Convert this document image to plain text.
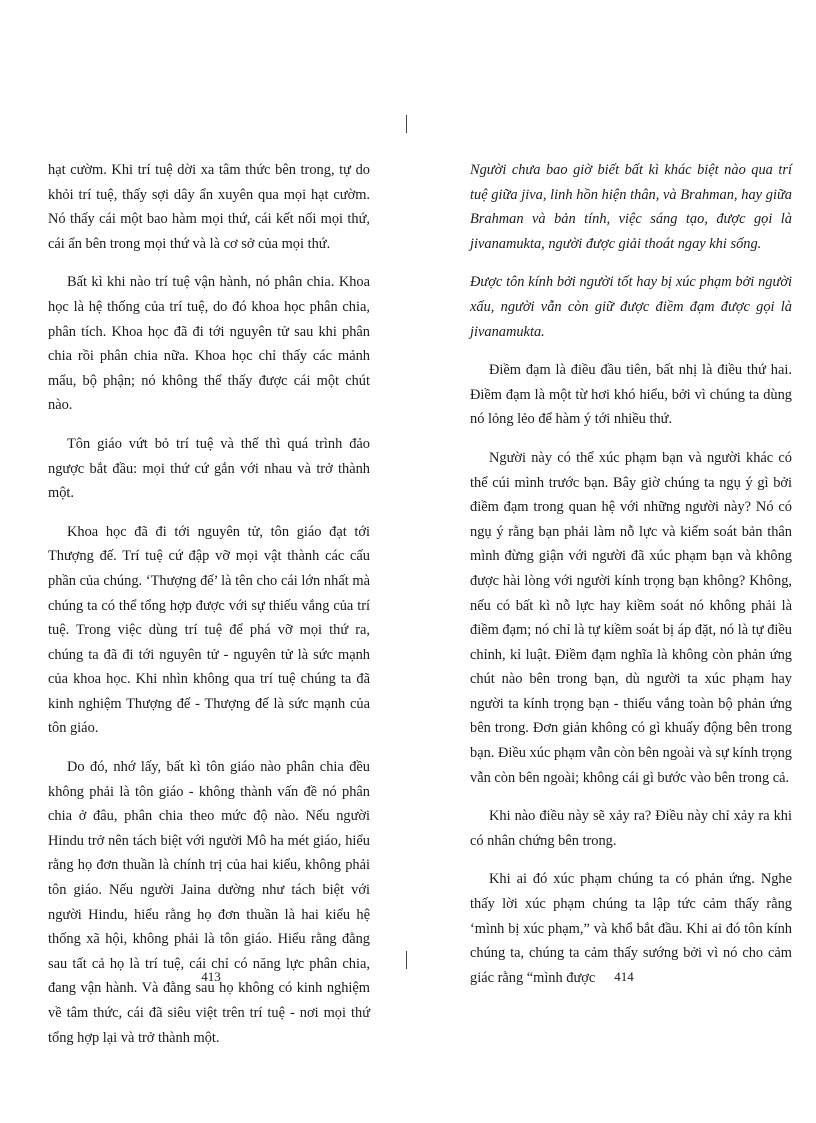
hạt cườm. Khi trí tuệ dời xa tâm thức bên trong, tự do khỏi trí tuệ, thấy sợi dây ẩn xuyên qua mọi hạt cườm. Nó thấy cái một bao hàm mọi thứ, cái kết nối mọi thứ, cái ẩn bên trong mọi thứ và là cơ sở của mọi thứ.

Bất kì khi nào trí tuệ vận hành, nó phân chia. Khoa học là hệ thống của trí tuệ, do đó khoa học phân chia, phân tích. Khoa học đã đi tới nguyên tử sau khi phân chia rồi phân chia nữa. Khoa học chỉ thấy các mảnh mẩu, bộ phận; nó không thể thấy được cái một chút nào.

Tôn giáo vứt bỏ trí tuệ và thế thì quá trình đảo ngược bắt đầu: mọi thứ cứ gắn với nhau và trở thành một.

Khoa học đã đi tới nguyên tử, tôn giáo đạt tới Thượng đế. Trí tuệ cứ đập vỡ mọi vật thành các cấu phần của chúng. ‘Thượng đế’ là tên cho cái lớn nhất mà chúng ta có thể tổng hợp được với sự thiếu vắng của trí tuệ. Trong việc dùng trí tuệ để phá vỡ mọi thứ ra, chúng ta đã đi tới nguyên tử - nguyên tử là sức mạnh của khoa học. Khi nhìn không qua trí tuệ chúng ta đã kinh nghiệm Thượng đế - Thượng đế là sức mạnh của tôn giáo.

Do đó, nhớ lấy, bất kì tôn giáo nào phân chia đều không phải là tôn giáo - không thành vấn đề nó phân chia ở đâu, phân chia theo mức độ nào. Nếu người Hindu trở nên tách biệt với người Mô ha mét giáo, hiểu rằng họ đơn thuần là chính trị của hai kiểu, không phải tôn giáo. Nếu người Jaina dường như tách biệt với người Hindu, hiểu rằng họ đơn thuần là hai kiểu hệ thống xã hội, không phải là tôn giáo. Hiểu rằng đằng sau tất cả họ là trí tuệ, cái chỉ có năng lực phân chia, đang vận hành. Và đằng sau họ không có kinh nghiệm về tâm thức, cái đã siêu việt trên trí tuệ - nơi mọi thứ tổng hợp lại và trở thành một.

Người chưa bao giờ biết bất kì khác biệt nào qua trí tuệ giữa jiva, linh hồn hiện thân, và Brahman, hay giữa Brahman và bản tính, việc sáng tạo, được gọi là jivanamukta, người được giải thoát ngay khi sống.

Được tôn kính bởi người tốt hay bị xúc phạm bởi người xấu, người vẫn còn giữ được điềm đạm được gọi là jivanamukta.

Điềm đạm là điều đầu tiên, bất nhị là điều thứ hai. Điềm đạm là một từ hơi khó hiểu, bởi vì chúng ta dùng nó lỏng lẻo để hàm ý tới nhiều thứ.

Người này có thể xúc phạm bạn và người khác có thể cúi mình trước bạn. Bây giờ chúng ta ngụ ý gì bởi điềm đạm trong quan hệ với những người này? Nó có ngụ ý rằng bạn phải làm nỗ lực và kiểm soát bản thân mình đừng giận với người đã xúc phạm bạn và không được hài lòng với người kính trọng bạn không? Không, nếu có bất kì nỗ lực hay kiềm soát nó không phải là điềm đạm; nó chỉ là tự kiềm soát bị áp đặt, nó là tự điều chỉnh, kỉ luật. Điềm đạm nghĩa là không còn phản ứng chút nào bên trong bạn, dù người ta xúc phạm hay người ta kính trọng bạn - thiếu vắng toàn bộ phản ứng bên trong. Đơn giản không có gì khuấy động bên trong bạn. Điều xúc phạm vẫn còn bên ngoài và sự kính trọng vẫn còn bên ngoài; không cái gì bước vào bên trong cả.

Khi nào điều này sẽ xảy ra? Điều này chỉ xảy ra khi có nhân chứng bên trong.

Khi ai đó xúc phạm chúng ta có phản ứng. Nghe thấy lời xúc phạm chúng ta lập tức cảm thấy rằng ‘mình bị xúc phạm,” và khổ bắt đầu. Khi ai đó tôn kính chúng ta, chúng ta cảm thấy sướng bởi vì nó cho cảm giác rằng “mình được

413	414
